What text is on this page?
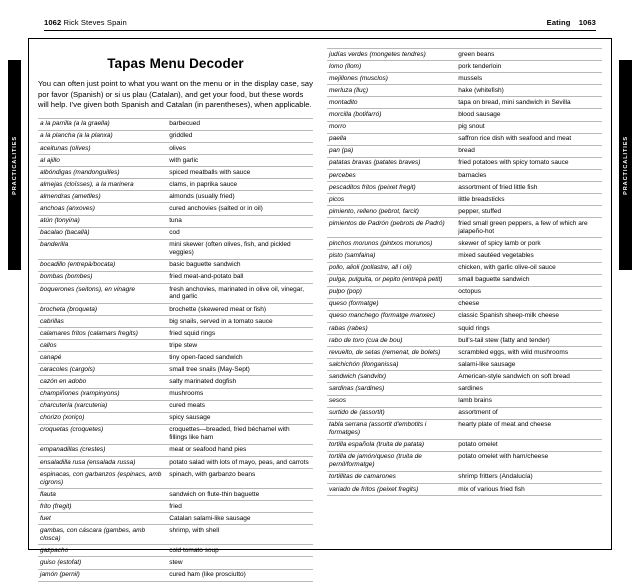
1062 Rick Steves Spain	Eating 1063
PRACTICALITIES	PRACTICALITIES
Tapas Menu Decoder

You can often just point to what you want on the menu or in the display case, say por favor (Spanish) or si us plau (Catalan), and get your food, but these words will help. I've given both Spanish and Catalan (in parentheses), when applicable.

a la parrilla (a la graella)	barbecued
a la plancha (a la planxa)	griddled
aceitunas (olives)	olives
al ajillo	with garlic
albóndigas (mandonguilles)	spiced meatballs with sauce
almejas (cloïsses), a la marinera	clams, in paprika sauce
almendras (ametlles)	almonds (usually fried)
anchoas (anxoves)	cured anchovies (salted or in oil)
atún (tonyina)	tuna
bacalao (bacallà)	cod
banderilla	mini skewer (often olives, fish, and pickled veggies)
bocadillo (entrepà/bocata)	basic baguette sandwich
bombas (bombes)	fried meat-and-potato ball
boquerones (seitons), en vinagre	fresh anchovies, marinated in olive oil, vinegar, and garlic
brocheta (broqueta)	brochette (skewered meat or fish)
cabrillas	big snails, served in a tomato sauce
calamares fritos (calamars fregits)	fried squid rings
callos	tripe stew
canapé	tiny open-faced sandwich
caracoles (cargols)	small tree snails (May-Sept)
cazón en adobo	salty marinated dogfish
champiñones (xampinyons)	mushrooms
charcutería (xarcuteria)	cured meats
chorizo (xoriço)	spicy sausage
croquetas (croquetes)	croquettes—breaded, fried béchamel with fillings like ham
empanadillas (crestes)	meat or seafood hand pies
ensaladilla rusa (ensalada russa)	potato salad with lots of mayo, peas, and carrots
espinacas, con garbanzos (espinacs, amb cigrons)	spinach, with garbanzo beans
flauta	sandwich on flute-thin baguette
frito (fregit)	fried
fuet	Catalan salami-like sausage
gambas, con cáscara (gambes, amb closca)	shrimp, with shell
gazpacho	cold tomato soup
guiso (estofat)	stew
jamón (pernil)	cured ham (like prosciutto)
judías verdes (mongetes tendres)	green beans
lomo (llom)	pork tenderloin
mejillones (musclos)	mussels
merluza (lluç)	hake (whitefish)
montadito	tapa on bread, mini sandwich in Sevilla
morcilla (botifarró)	blood sausage
morro	pig snout
paella	saffron rice dish with seafood and meat
pan (pa)	bread
patatas bravas (patates braves)	fried potatoes with spicy tomato sauce
percebes	barnacles
pescaditos fritos (peixet fregit)	assortment of fried little fish
picos	little breadsticks
pimiento, relleno (pebrot, farcit)	pepper, stuffed
pimientos de Padrón (pebrots de Padró)	fried small green peppers, a few of which are jalapeño-hot
pinchos morunos (pintxos morunos)	skewer of spicy lamb or pork
pisto (samfaina)	mixed sautéed vegetables
pollo, alioli (pollastre, all i oli)	chicken, with garlic olive-oil sauce
pulga, pulguita, or pepito (entrepà petit)	small baguette sandwich
pulpo (pop)	octopus
queso (formatge)	cheese
queso manchego (formatge manxec)	classic Spanish sheep-milk cheese
rabas (rabes)	squid rings
rabo de toro (cua de bou)	bull's-tail stew (fatty and tender)
revuelto, de setas (remenat, de bolets)	scrambled eggs, with wild mushrooms
salchichón (llonganissa)	salami-like sausage
sandwich (sandvitx)	American-style sandwich on soft bread
sardinas (sardines)	sardines
sesos	lamb brains
surtido de (assortit)	assortment of
tabla serrana (assortit d'embotits i formatges)	hearty plate of meat and cheese
tortilla española (truita de patata)	potato omelet
tortilla de jamón/queso (truita de pernil/formatge)	potato omelet with ham/cheese
tortillitas de camarones	shrimp fritters (Andalucía)
variado de fritos (peixet fregits)	mix of various fried fish
